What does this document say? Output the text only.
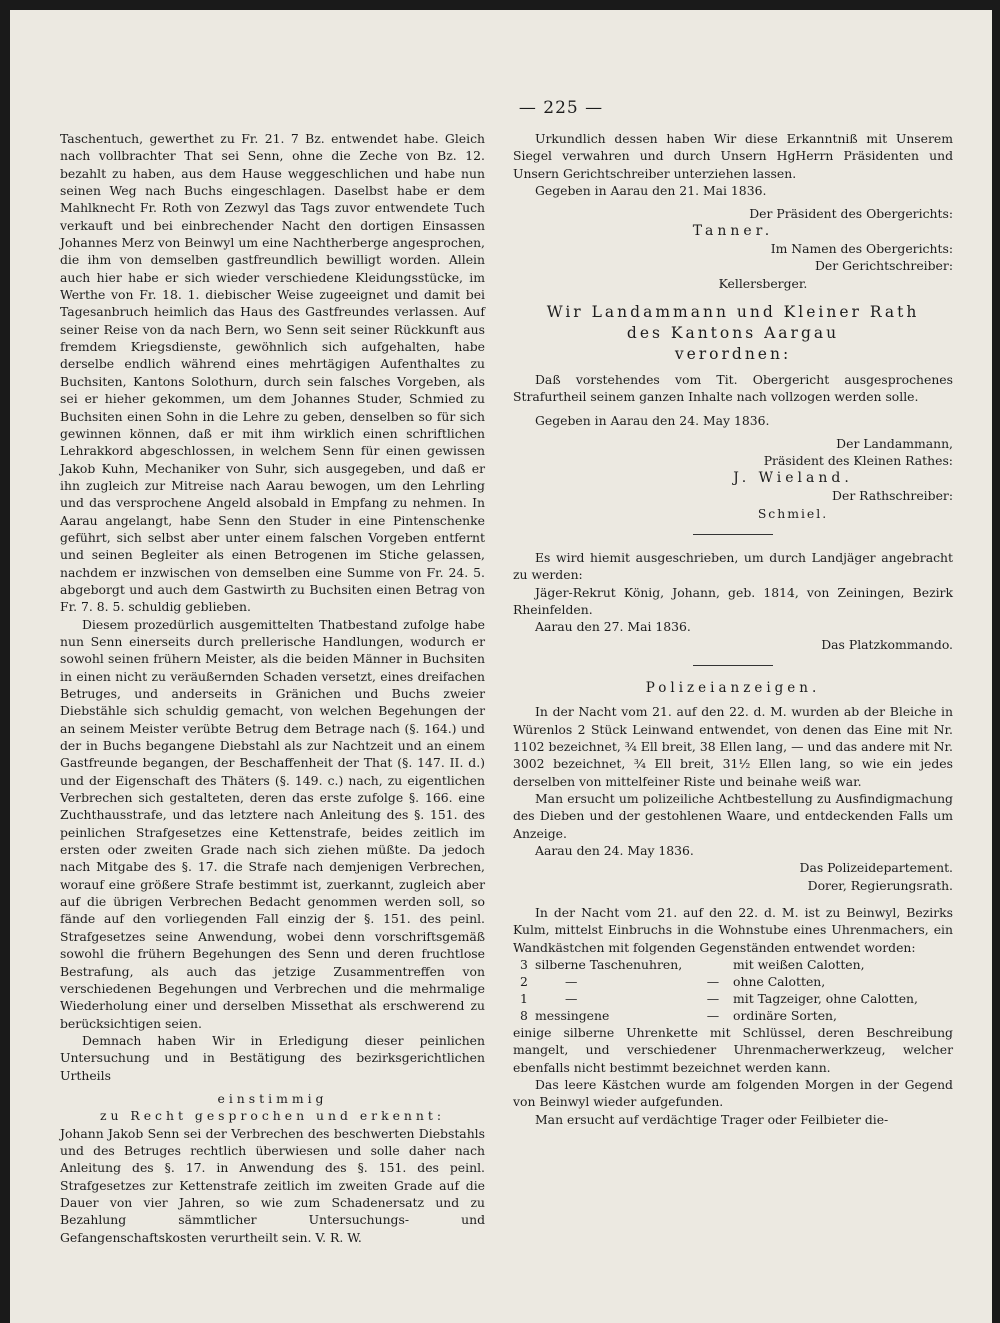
— 225 —

Taschentuch, gewerthet zu Fr. 21. 7 Bz. entwendet habe. Gleich nach vollbrachter That sei Senn, ohne die Zeche von Bz. 12. bezahlt zu haben, aus dem Hause weggeschlichen und habe nun seinen Weg nach Buchs eingeschlagen. Daselbst habe er dem Mahlknecht Fr. Roth von Zezwyl das Tags zuvor entwendete Tuch verkauft und bei einbrechender Nacht den dortigen Einsassen Johannes Merz von Beinwyl um eine Nachtherberge angesprochen, die ihm von demselben gastfreundlich bewilligt worden. Allein auch hier habe er sich wieder verschiedene Kleidungsstücke, im Werthe von Fr. 18. 1. diebischer Weise zugeeignet und damit bei Tagesanbruch heimlich das Haus des Gastfreundes verlassen. Auf seiner Reise von da nach Bern, wo Senn seit seiner Rückkunft aus fremdem Kriegsdienste, gewöhnlich sich aufgehalten, habe derselbe endlich während eines mehrtägigen Aufenthaltes zu Buchsiten, Kantons Solothurn, durch sein falsches Vorgeben, als sei er hieher gekommen, um dem Johannes Studer, Schmied zu Buchsiten einen Sohn in die Lehre zu geben, denselben so für sich gewinnen können, daß er mit ihm wirklich einen schriftlichen Lehrakkord abgeschlossen, in welchem Senn für einen gewissen Jakob Kuhn, Mechaniker von Suhr, sich ausgegeben, und daß er ihn zugleich zur Mitreise nach Aarau bewogen, um den Lehrling und das versprochene Angeld alsobald in Empfang zu nehmen. In Aarau angelangt, habe Senn den Studer in eine Pintenschenke geführt, sich selbst aber unter einem falschen Vorgeben entfernt und seinen Begleiter als einen Betrogenen im Stiche gelassen, nachdem er inzwischen von demselben eine Summe von Fr. 24. 5. abgeborgt und auch dem Gastwirth zu Buchsiten einen Betrag von Fr. 7. 8. 5. schuldig geblieben.

Diesem prozedürlich ausgemittelten Thatbestand zufolge habe nun Senn einerseits durch prellerische Handlungen, wodurch er sowohl seinen frühern Meister, als die beiden Männer in Buchsiten in einen nicht zu veräußernden Schaden versetzt, eines dreifachen Betruges, und anderseits in Gränichen und Buchs zweier Diebstähle sich schuldig gemacht, von welchen Begehungen der an seinem Meister verübte Betrug dem Betrage nach (§. 164.) und der in Buchs begangene Diebstahl als zur Nachtzeit und an einem Gastfreunde begangen, der Beschaffenheit der That (§. 147. II. d.) und der Eigenschaft des Thäters (§. 149. c.) nach, zu eigentlichen Verbrechen sich gestalteten, deren das erste zufolge §. 166. eine Zuchthausstrafe, und das letztere nach Anleitung des §. 151. des peinlichen Strafgesetzes eine Kettenstrafe, beides zeitlich im ersten oder zweiten Grade nach sich ziehen müßte. Da jedoch nach Mitgabe des §. 17. die Strafe nach demjenigen Verbrechen, worauf eine größere Strafe bestimmt ist, zuerkannt, zugleich aber auf die übrigen Verbrechen Bedacht genommen werden soll, so fände auf den vorliegenden Fall einzig der §. 151. des peinl. Strafgesetzes seine Anwendung, wobei denn vorschriftsgemäß sowohl die frühern Begehungen des Senn und deren fruchtlose Bestrafung, als auch das jetzige Zusammentreffen von verschiedenen Begehungen und Verbrechen und die mehrmalige Wiederholung einer und derselben Missethat als erschwerend zu berücksichtigen seien.

Demnach haben Wir in Erledigung dieser peinlichen Untersuchung und in Bestätigung des bezirksgerichtlichen Urtheils

einstimmig

zu Recht gesprochen und erkennt:

Johann Jakob Senn sei der Verbrechen des beschwerten Diebstahls und des Betruges rechtlich überwiesen und solle daher nach Anleitung des §. 17. in Anwendung des §. 151. des peinl. Strafgesetzes zur Kettenstrafe zeitlich im zweiten Grade auf die Dauer von vier Jahren, so wie zum Schadenersatz und zu Bezahlung sämmtlicher Untersuchungs- und Gefangenschaftskosten verurtheilt sein. V. R. W.

Urkundlich dessen haben Wir diese Erkanntniß mit Unserem Siegel verwahren und durch Unsern HgHerrn Präsidenten und Unsern Gerichtschreiber unterziehen lassen.

Gegeben in Aarau den 21. Mai 1836.

Der Präsident des Obergerichts:

Tanner.

Im Namen des Obergerichts:

Der Gerichtschreiber:

Kellersberger.

Wir Landammann und Kleiner Rath

des Kantons Aargau

verordnen:

Daß vorstehendes vom Tit. Obergericht ausgesprochenes Strafurtheil seinem ganzen Inhalte nach vollzogen werden solle.

Gegeben in Aarau den 24. May 1836.

Der Landammann,

Präsident des Kleinen Rathes:

J. Wieland.

Der Rathschreiber:

Schmiel.

Es wird hiemit ausgeschrieben, um durch Landjäger angebracht zu werden:

Jäger-Rekrut König, Johann, geb. 1814, von Zeiningen, Bezirk Rheinfelden.

Aarau den 27. Mai 1836.

Das Platzkommando.

Polizeianzeigen.

In der Nacht vom 21. auf den 22. d. M. wurden ab der Bleiche in Würenlos 2 Stück Leinwand entwendet, von denen das Eine mit Nr. 1102 bezeichnet, ¾ Ell breit, 38 Ellen lang, — und das andere mit Nr. 3002 bezeichnet, ¾ Ell breit, 31½ Ellen lang, so wie ein jedes derselben von mittelfeiner Riste und beinahe weiß war.

Man ersucht um polizeiliche Achtbestellung zu Ausfindigmachung des Dieben und der gestohlenen Waare, und entdeckenden Falls um Anzeige.

Aarau den 24. May 1836.

Das Polizeidepartement.

Dorer, Regierungsrath.

In der Nacht vom 21. auf den 22. d. M. ist zu Beinwyl, Bezirks Kulm, mittelst Einbruchs in die Wohnstube eines Uhrenmachers, ein Wandkästchen mit folgenden Gegenständen entwendet worden:

3	silberne Taschenuhren,		mit weißen Calotten,
2	—	—	ohne Calotten,
1	—	—	mit Tagzeiger, ohne Calotten,
8	messingene	—	ordinäre Sorten,

einige silberne Uhrenkette mit Schlüssel, deren Beschreibung mangelt, und verschiedener Uhrenmacherwerkzeug, welcher ebenfalls nicht bestimmt bezeichnet werden kann.

Das leere Kästchen wurde am folgenden Morgen in der Gegend von Beinwyl wieder aufgefunden.

Man ersucht auf verdächtige Trager oder Feilbieter die-
